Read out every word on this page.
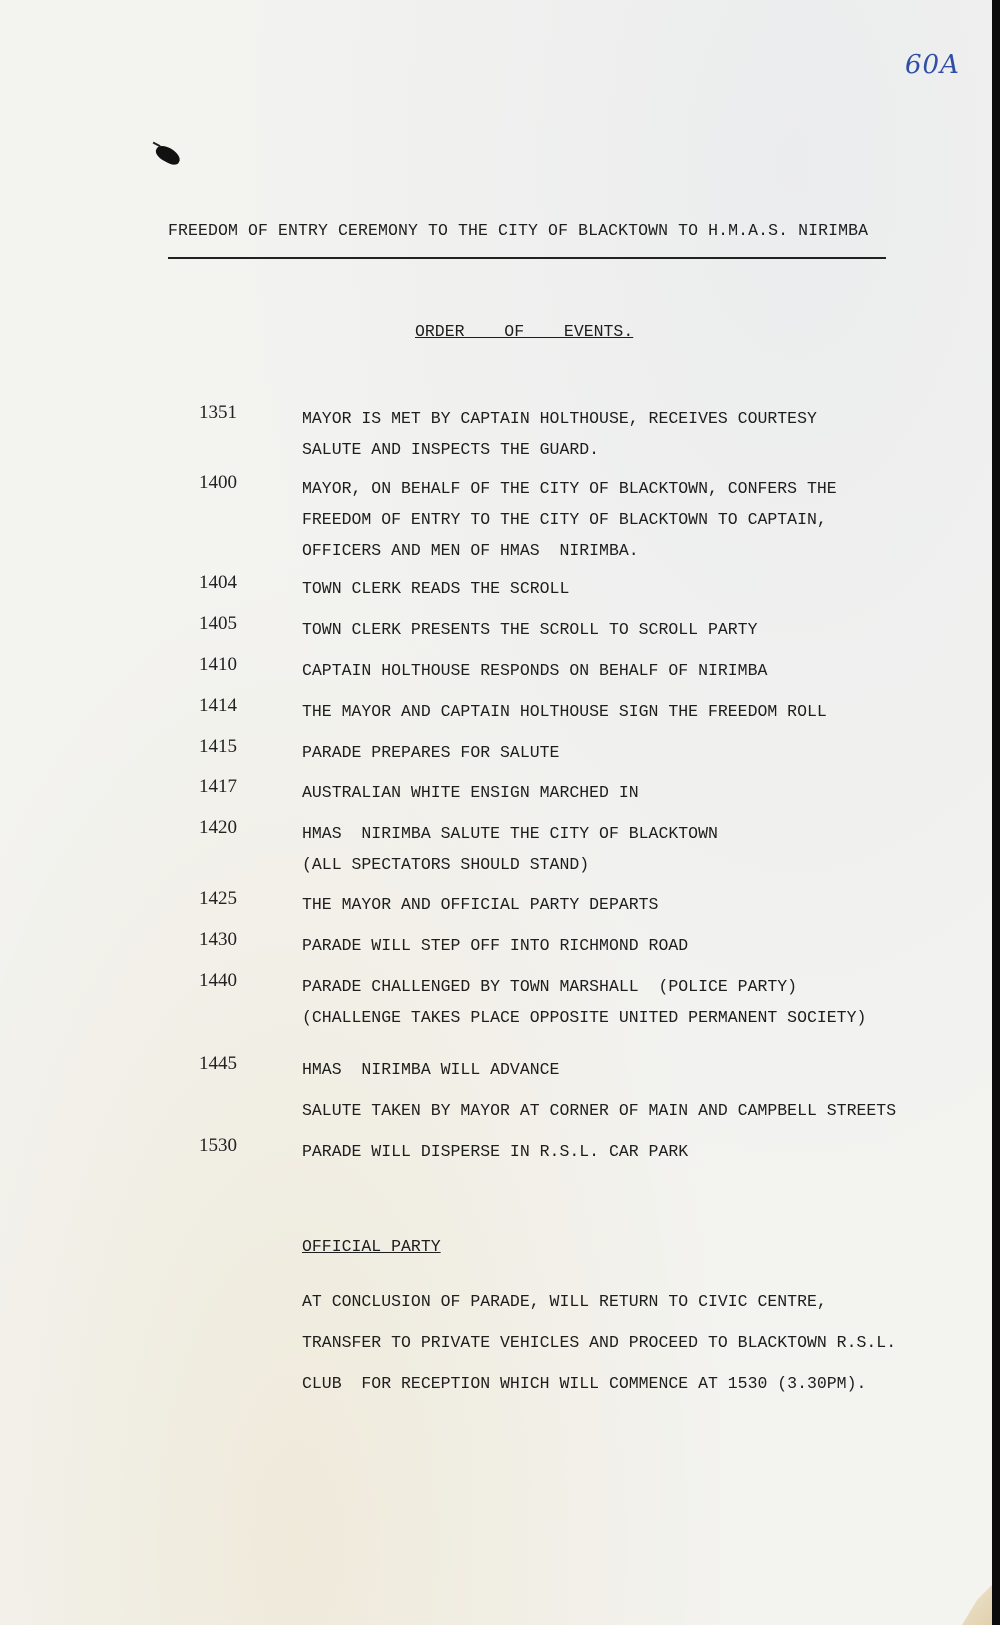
60A
FREEDOM OF ENTRY CEREMONY TO THE CITY OF BLACKTOWN TO H.M.A.S. NIRIMBA
ORDER  OF  EVENTS.
1351	MAYOR IS MET BY CAPTAIN HOLTHOUSE, RECEIVES COURTESY
SALUTE AND INSPECTS THE GUARD.
1400	MAYOR, ON BEHALF OF THE CITY OF BLACKTOWN, CONFERS THE
FREEDOM OF ENTRY TO THE CITY OF BLACKTOWN TO CAPTAIN,
OFFICERS AND MEN OF HMAS  NIRIMBA.
1404	TOWN CLERK READS THE SCROLL
1405	TOWN CLERK PRESENTS THE SCROLL TO SCROLL PARTY
1410	CAPTAIN HOLTHOUSE RESPONDS ON BEHALF OF NIRIMBA
1414	THE MAYOR AND CAPTAIN HOLTHOUSE SIGN THE FREEDOM ROLL
1415	PARADE PREPARES FOR SALUTE
1417	AUSTRALIAN WHITE ENSIGN MARCHED IN
1420	HMAS  NIRIMBA SALUTE THE CITY OF BLACKTOWN
(ALL SPECTATORS SHOULD STAND)
1425	THE MAYOR AND OFFICIAL PARTY DEPARTS
1430	PARADE WILL STEP OFF INTO RICHMOND ROAD
1440	PARADE CHALLENGED BY TOWN MARSHALL  (POLICE PARTY)
(CHALLENGE TAKES PLACE OPPOSITE UNITED PERMANENT SOCIETY)
1445	HMAS  NIRIMBA WILL ADVANCE
SALUTE TAKEN BY MAYOR AT CORNER OF MAIN AND CAMPBELL STREETS
1530	PARADE WILL DISPERSE IN R.S.L. CAR PARK
OFFICIAL PARTY
AT CONCLUSION OF PARADE, WILL RETURN TO CIVIC CENTRE,
TRANSFER TO PRIVATE VEHICLES AND PROCEED TO BLACKTOWN R.S.L.
CLUB  FOR RECEPTION WHICH WILL COMMENCE AT 1530 (3.30PM).
